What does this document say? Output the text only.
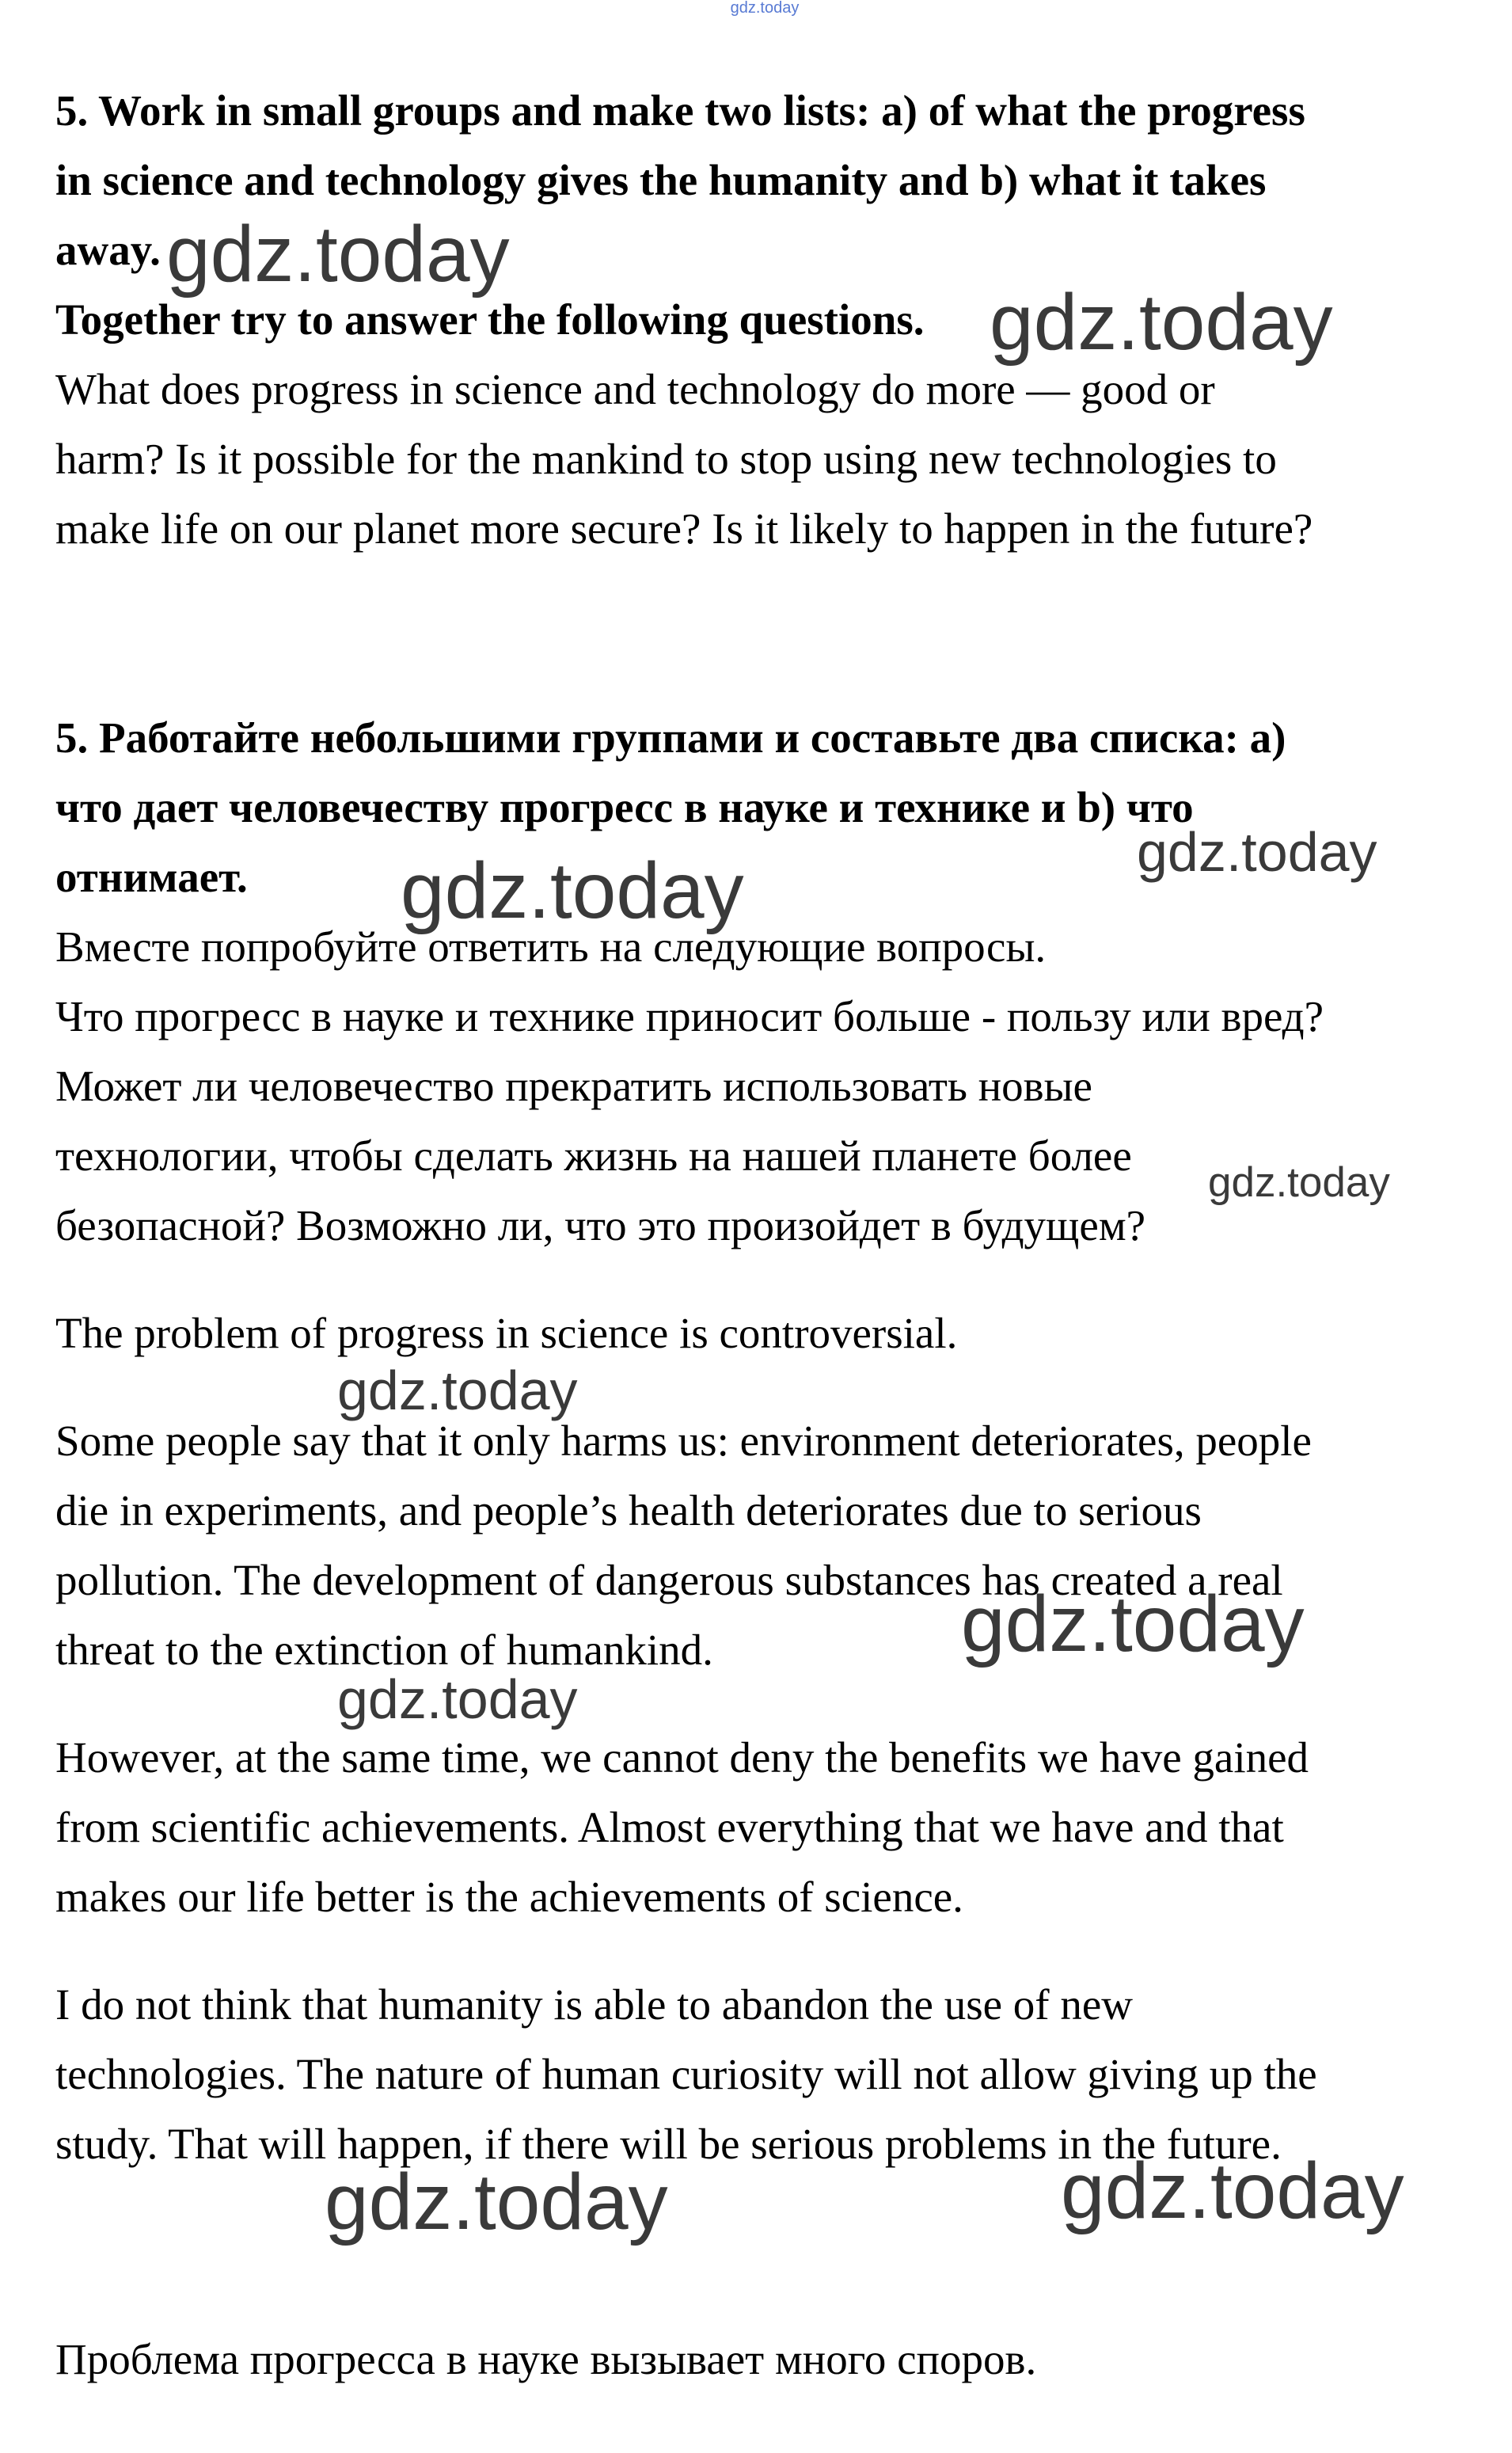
gdz.today
5. Work in small groups and make two lists: a) of what the progress
in science and technology gives the humanity and b) what it takes
away.
Together try to answer the following questions.
What does progress in science and technology do more — good or
harm? Is it possible for the mankind to stop using new technologies to
make life on our planet more secure? Is it likely to happen in the future?
5. Работайте небольшими группами и составьте два списка: а)
что дает человечеству прогресс в науке и технике и b) что
отнимает.
Вместе попробуйте ответить на следующие вопросы.
Что прогресс в науке и технике приносит больше - пользу или вред?
Может ли человечество прекратить использовать новые
технологии, чтобы сделать жизнь на нашей планете более
безопасной? Возможно ли, что это произойдет в будущем?
The problem of progress in science is controversial.
Some people say that it only harms us: environment deteriorates, people
die in experiments, and people’s health deteriorates due to serious
pollution. The development of dangerous substances has created a real
threat to the extinction of humankind.
However, at the same time, we cannot deny the benefits we have gained
from scientific achievements. Almost everything that we have and that
makes our life better is the achievements of science.
I do not think that humanity is able to abandon the use of new
technologies. The nature of human curiosity will not allow giving up the
study. That will happen, if there will be serious problems in the future.
Проблема прогресса в науке вызывает много споров.
gdz.today
gdz.today
gdz.today
gdz.today
gdz.today
gdz.today
gdz.today
gdz.today
gdz.today	gdz.today
